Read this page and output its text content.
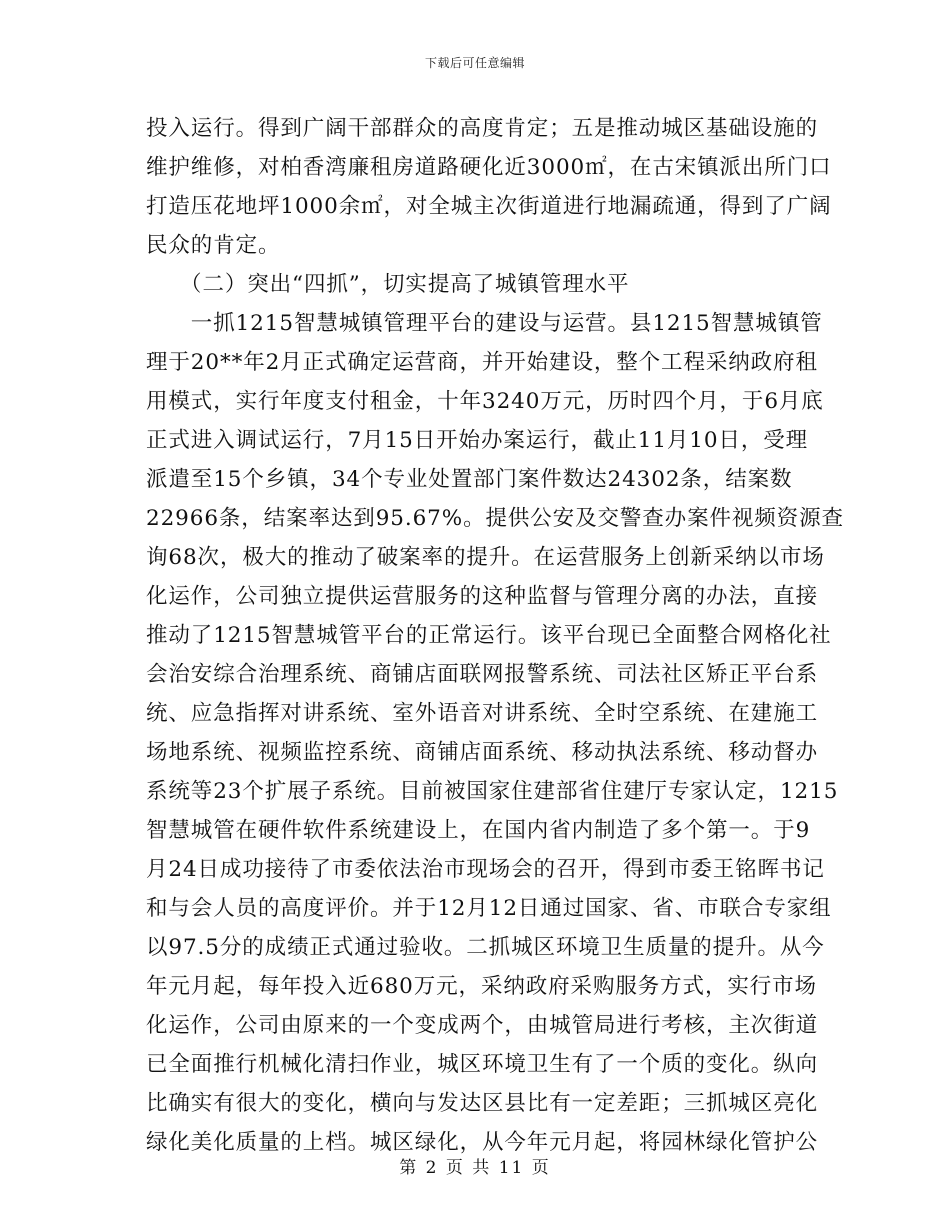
下载后可任意编辑
投入运行。得到广阔干部群众的高度肯定；五是推动城区基础设施的
维护维修，对柏香湾廉租房道路硬化近3000㎡，在古宋镇派出所门口
打造压花地坪1000余㎡，对全城主次街道进行地漏疏通，得到了广阔
民众的肯定。
　　（二）突出“四抓”，切实提高了城镇管理水平
　　一抓1215智慧城镇管理平台的建设与运营。县1215智慧城镇管
理于20**年2月正式确定运营商，并开始建设，整个工程采纳政府租
用模式，实行年度支付租金，十年3240万元，历时四个月，于6月底
正式进入调试运行，7月15日开始办案运行，截止11月10日，受理
派遣至15个乡镇，34个专业处置部门案件数达24302条，结案数
22966条，结案率达到95.67%。提供公安及交警查办案件视频资源查
询68次，极大的推动了破案率的提升。在运营服务上创新采纳以市场
化运作，公司独立提供运营服务的这种监督与管理分离的办法，直接
推动了1215智慧城管平台的正常运行。该平台现已全面整合网格化社
会治安综合治理系统、商铺店面联网报警系统、司法社区矫正平台系
统、应急指挥对讲系统、室外语音对讲系统、全时空系统、在建施工
场地系统、视频监控系统、商铺店面系统、移动执法系统、移动督办
系统等23个扩展子系统。目前被国家住建部省住建厅专家认定，1215
智慧城管在硬件软件系统建设上，在国内省内制造了多个第一。于9
月24日成功接待了市委依法治市现场会的召开，得到市委王铭晖书记
和与会人员的高度评价。并于12月12日通过国家、省、市联合专家组
以97.5分的成绩正式通过验收。二抓城区环境卫生质量的提升。从今
年元月起，每年投入近680万元，采纳政府采购服务方式，实行市场
化运作，公司由原来的一个变成两个，由城管局进行考核，主次街道
已全面推行机械化清扫作业，城区环境卫生有了一个质的变化。纵向
比确实有很大的变化，横向与发达区县比有一定差距；三抓城区亮化
绿化美化质量的上档。城区绿化，从今年元月起，将园林绿化管护公
第 2 页 共 11 页
